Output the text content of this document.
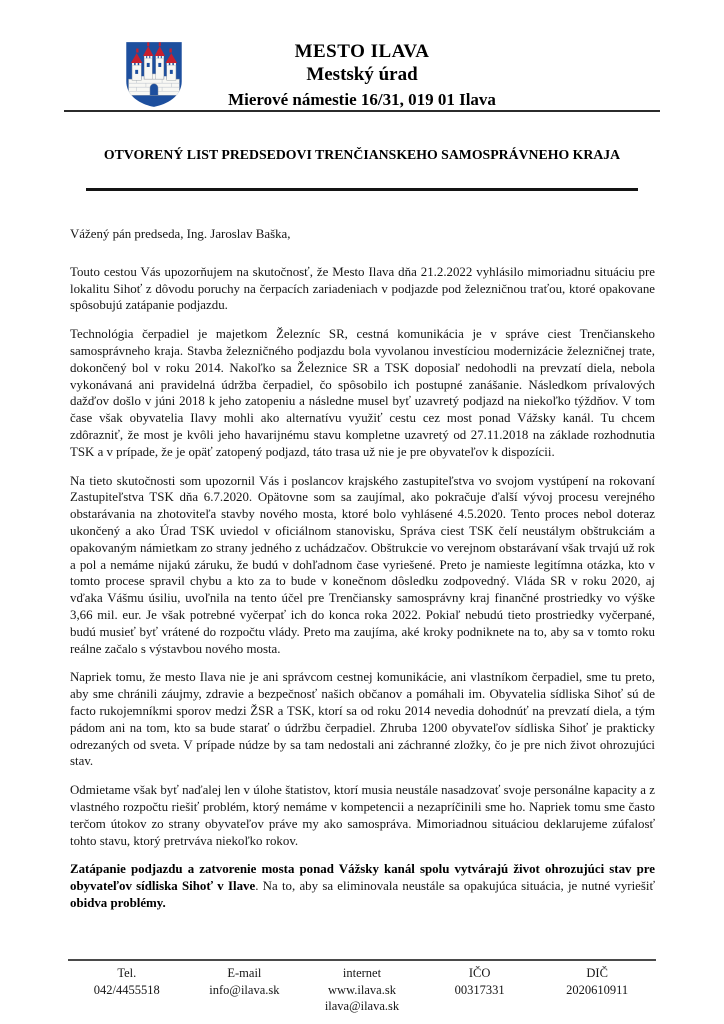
MESTO ILAVA
Mestský úrad
Mierové námestie 16/31, 019 01 Ilava
OTVORENÝ LIST PREDSEDOVI TRENČIANSKEHO SAMOSPRÁVNEHO KRAJA

Vážený pán predseda, Ing. Jaroslav Baška,

Touto cestou Vás upozorňujem na skutočnosť, že Mesto Ilava dňa 21.2.2022 vyhlásilo mimoriadnu situáciu pre lokalitu Sihoť z dôvodu poruchy na čerpacích zariadeniach v podjazde pod železničnou traťou, ktoré opakovane spôsobujú zatápanie podjazdu.

Technológia čerpadiel je majetkom Železníc SR, cestná komunikácia je v správe ciest Trenčianskeho samosprávneho kraja. Stavba železničného podjazdu bola vyvolanou investíciou modernizácie železničnej trate, dokončený bol v roku 2014. Nakoľko sa Železnice SR a TSK doposiaľ nedohodli na prevzatí diela, nebola vykonávaná ani pravidelná údržba čerpadiel, čo spôsobilo ich postupné zanášanie. Následkom prívalových dažďov došlo v júni 2018 k jeho zatopeniu a následne musel byť uzavretý podjazd na niekoľko týždňov. V tom čase však obyvatelia Ilavy mohli ako alternatívu využiť cestu cez most ponad Vážsky kanál. Tu chcem zdôrazniť, že most je kvôli jeho havarijnému stavu kompletne uzavretý od 27.11.2018 na základe rozhodnutia TSK a v prípade, že je opäť zatopený podjazd, táto trasa už nie je pre obyvateľov k dispozícii.

Na tieto skutočnosti som upozornil Vás i poslancov krajského zastupiteľstva vo svojom vystúpení na rokovaní Zastupiteľstva TSK dňa 6.7.2020. Opätovne som sa zaujímal, ako pokračuje ďalší vývoj procesu verejného obstarávania na zhotoviteľa stavby nového mosta, ktoré bolo vyhlásené 4.5.2020. Tento proces nebol doteraz ukončený a ako Úrad TSK uviedol v oficiálnom stanovisku, Správa ciest TSK čelí neustálym obštrukciám a opakovaným námietkam zo strany jedného z uchádzačov. Obštrukcie vo verejnom obstarávaní však trvajú už rok a pol a nemáme nijakú záruku, že budú v dohľadnom čase vyriešené. Preto je namieste legitímna otázka, kto v tomto procese spravil chybu a kto za to bude v konečnom dôsledku zodpovedný. Vláda SR v roku 2020, aj vďaka Vášmu úsiliu, uvoľnila na tento účel pre Trenčiansky samosprávny kraj finančné prostriedky vo výške 3,66 mil. eur. Je však potrebné vyčerpať ich do konca roka 2022. Pokiaľ nebudú tieto prostriedky vyčerpané, budú musieť byť vrátené do rozpočtu vlády. Preto ma zaujíma, aké kroky podniknete na to, aby sa v tomto roku reálne začalo s výstavbou nového mosta.

Napriek tomu, že mesto Ilava nie je ani správcom cestnej komunikácie, ani vlastníkom čerpadiel, sme tu preto, aby sme chránili záujmy, zdravie a bezpečnosť našich občanov a pomáhali im. Obyvatelia sídliska Sihoť sú de facto rukojemníkmi sporov medzi ŽSR a TSK, ktorí sa od roku 2014 nevedia dohodnúť na prevzatí diela, a tým pádom ani na tom, kto sa bude starať o údržbu čerpadiel. Zhruba 1200 obyvateľov sídliska Sihoť je prakticky odrezaných od sveta. V prípade núdze by sa tam nedostali ani záchranné zložky, čo je pre nich život ohrozujúci stav.

Odmietame však byť naďalej len v úlohe štatistov, ktorí musia neustále nasadzovať svoje personálne kapacity a z vlastného rozpočtu riešiť problém, ktorý nemáme v kompetencii a nezapríčinili sme ho. Napriek tomu sme často terčom útokov zo strany obyvateľov práve my ako samospráva. Mimoriadnou situáciou deklarujeme zúfalosť tohto stavu, ktorý pretrváva niekoľko rokov.

Zatápanie podjazdu a zatvorenie mosta ponad Vážsky kanál spolu vytvárajú život ohrozujúci stav pre obyvateľov sídliska Sihoť v Ilave. Na to, aby sa eliminovala neustále sa opakujúca situácia, je nutné vyriešiť obidva problémy.

Tel.
042/4455518
E-mail
info@ilava.sk
internet
www.ilava.sk
ilava@ilava.sk
IČO
00317331
DIČ
2020610911
